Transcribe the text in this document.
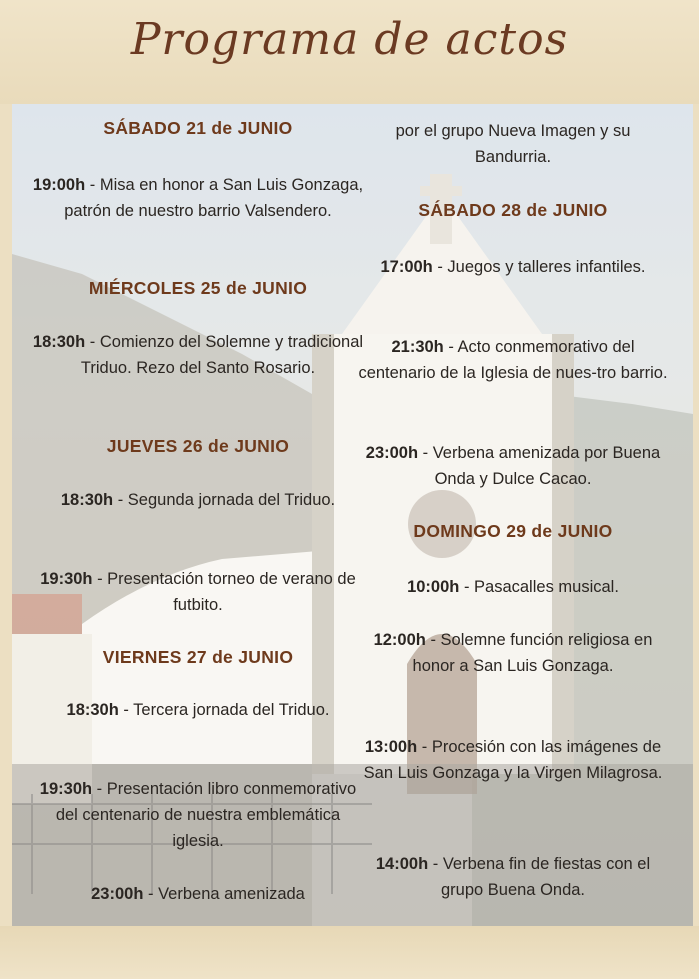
Programa de actos
SÁBADO 21 de JUNIO
19:00h - Misa en honor a San Luis Gonzaga, patrón de nuestro barrio Valsendero.
MIÉRCOLES 25 de JUNIO
18:30h - Comienzo del Solemne y tradicional Triduo. Rezo del Santo Rosario.
JUEVES 26 de JUNIO
18:30h - Segunda jornada del Triduo.
19:30h - Presentación torneo de verano de futbito.
VIERNES 27 de JUNIO
18:30h - Tercera jornada del Triduo.
19:30h - Presentación libro conmemorativo del centenario de nuestra emblemática iglesia.
23:00h - Verbena amenizada
por el grupo Nueva Imagen y su Bandurria.
SÁBADO 28 de JUNIO
17:00h - Juegos y talleres infantiles.
21:30h - Acto conmemorativo del centenario de la Iglesia de nues-tro barrio.
23:00h - Verbena amenizada por Buena Onda y Dulce Cacao.
DOMINGO 29 de JUNIO
10:00h - Pasacalles musical.
12:00h - Solemne función religiosa en honor a San Luis Gonzaga.
13:00h - Procesión con las imágenes de San Luis Gonzaga y la Virgen Milagrosa.
14:00h - Verbena fin de fiestas con el grupo Buena Onda.
